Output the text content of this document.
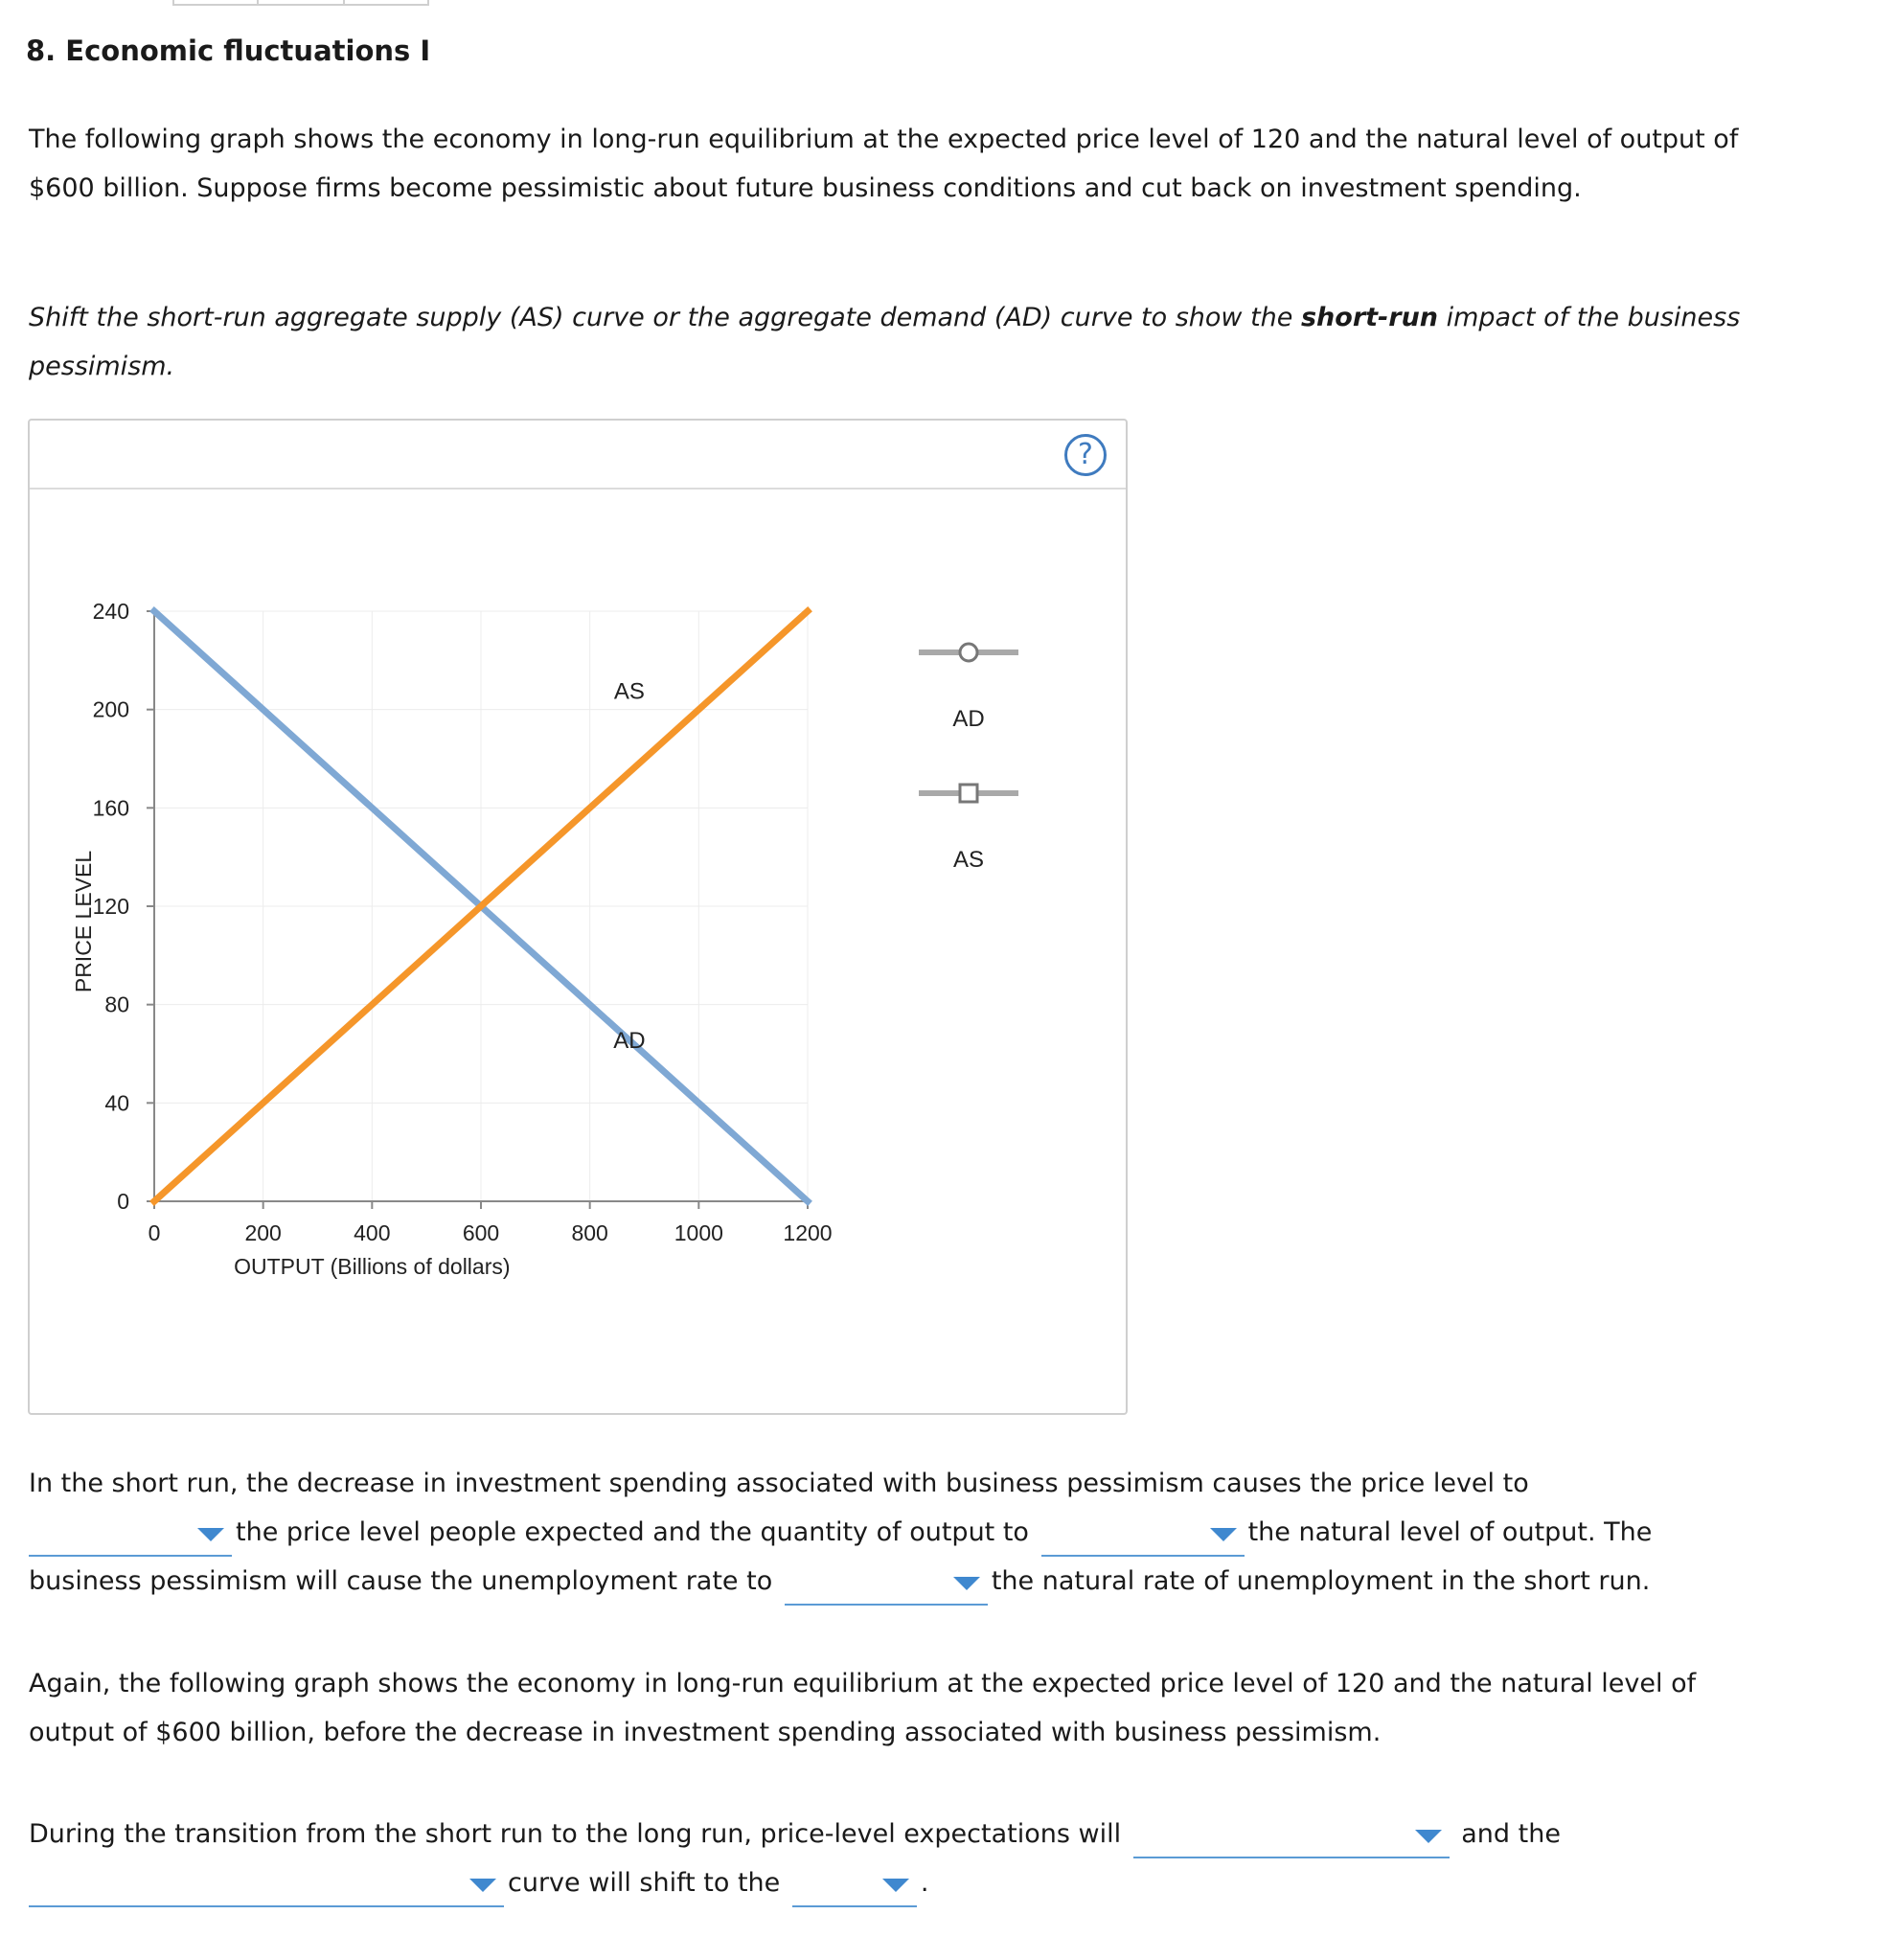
8. Economic fluctuations I
The following graph shows the economy in long-run equilibrium at the expected price level of 120 and the natural level of output of
$600 billion. Suppose firms become pessimistic about future business conditions and cut back on investment spending.
Shift the short-run aggregate supply (AS) curve or the aggregate demand (AD) curve to show the short-run impact of the business
pessimism.
?
0
40
80
120
160
200
240
0	200	400	600	800	1000	1200
OUTPUT (Billions of dollars)
PRICE LEVEL
AD
AS
AD
AS
In the short run, the decrease in investment spending associated with business pessimism causes the price level to
the price level people expected and the quantity of output to	the natural level of output. The
business pessimism will cause the unemployment rate to	the natural rate of unemployment in the short run.
Again, the following graph shows the economy in long-run equilibrium at the expected price level of 120 and the natural level of
output of $600 billion, before the decrease in investment spending associated with business pessimism.
During the transition from the short run to the long run, price-level expectations will	and the
curve will shift to the	.
